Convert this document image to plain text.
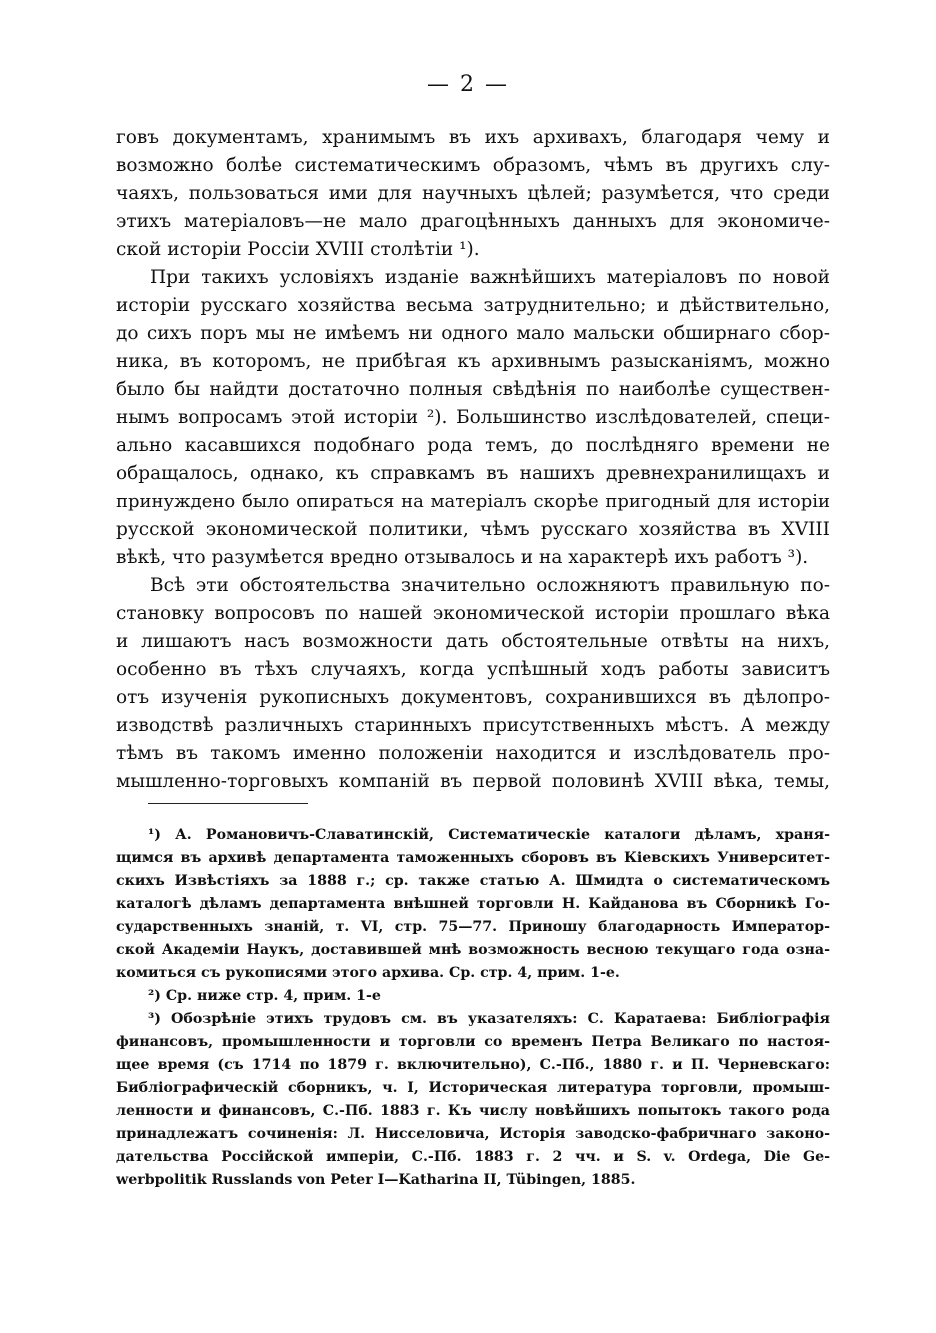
— 2 —
говъ документамъ, хранимымъ въ ихъ архивахъ, благодаря чему и
возможно болѣе систематическимъ образомъ, чѣмъ въ другихъ слу-
чаяхъ, пользоваться ими для научныхъ цѣлей; разумѣется, что среди
этихъ матеріаловъ—не мало драгоцѣнныхъ данныхъ для экономиче-
ской исторіи Россіи XVIII столѣтіи ¹).
При такихъ условіяхъ изданіе важнѣйшихъ матеріаловъ по новой
исторіи русскаго хозяйства весьма затруднительно; и дѣйствительно,
до сихъ поръ мы не имѣемъ ни одного мало мальски обширнаго сбор-
ника, въ которомъ, не прибѣгая къ архивнымъ разысканіямъ, можно
было бы найдти достаточно полныя свѣдѣнія по наиболѣе существен-
нымъ вопросамъ этой исторіи ²). Большинство изслѣдователей, специ-
ально касавшихся подобнаго рода темъ, до послѣдняго времени не
обращалось, однако, къ справкамъ въ нашихъ древнехранилищахъ и
принуждено было опираться на матеріалъ скорѣе пригодный для исторіи
русской экономической политики, чѣмъ русскаго хозяйства въ XVIII
вѣкѣ, что разумѣется вредно отзывалось и на характерѣ ихъ работъ ³).
Всѣ эти обстоятельства значительно осложняютъ правильную по-
становку вопросовъ по нашей экономической исторіи прошлаго вѣка
и лишаютъ насъ возможности дать обстоятельные отвѣты на нихъ,
особенно въ тѣхъ случаяхъ, когда успѣшный ходъ работы зависитъ
отъ изученія рукописныхъ документовъ, сохранившихся въ дѣлопро-
изводствѣ различныхъ старинныхъ присутственныхъ мѣстъ. А между
тѣмъ въ такомъ именно положеніи находится и изслѣдователь про-
мышленно-торговыхъ компаній въ первой половинѣ XVIII вѣка, темы,
¹) А. Романовичъ-Славатинскій, Систематическіе каталоги дѣламъ, храня-
щимся въ архивѣ департамента таможенныхъ сборовъ въ Кіевскихъ Университет-
скихъ Извѣстіяхъ за 1888 г.; ср. также статью А. Шмидта о систематическомъ
каталогѣ дѣламъ департамента внѣшней торговли Н. Кайданова въ Сборникѣ Го-
сударственныхъ знаній, т. VI, стр. 75—77. Приношу благодарность Император-
ской Академіи Наукъ, доставившей мнѣ возможность весною текущаго года озна-
комиться съ рукописями этого архива. Ср. стр. 4, прим. 1-е.
²) Ср. ниже стр. 4, прим. 1-е
³) Обозрѣніе этихъ трудовъ см. въ указателяхъ: С. Каратаева: Библіографія
финансовъ, промышленности и торговли со временъ Петра Великаго по настоя-
щее время (съ 1714 по 1879 г. включительно), С.-Пб., 1880 г. и П. Черневскаго:
Библіографическій сборникъ, ч. I, Историческая литература торговли, промыш-
ленности и финансовъ, С.-Пб. 1883 г. Къ числу новѣйшихъ попытокъ такого рода
принадлежатъ сочиненія: Л. Нисселовича, Исторія заводско-фабричнаго законо-
дательства Россійской имперіи, С.-Пб. 1883 г. 2 чч. и S. v. Ordega, Die Ge-
werbpolitik Russlands von Peter I—Katharina II, Tübingen, 1885.
